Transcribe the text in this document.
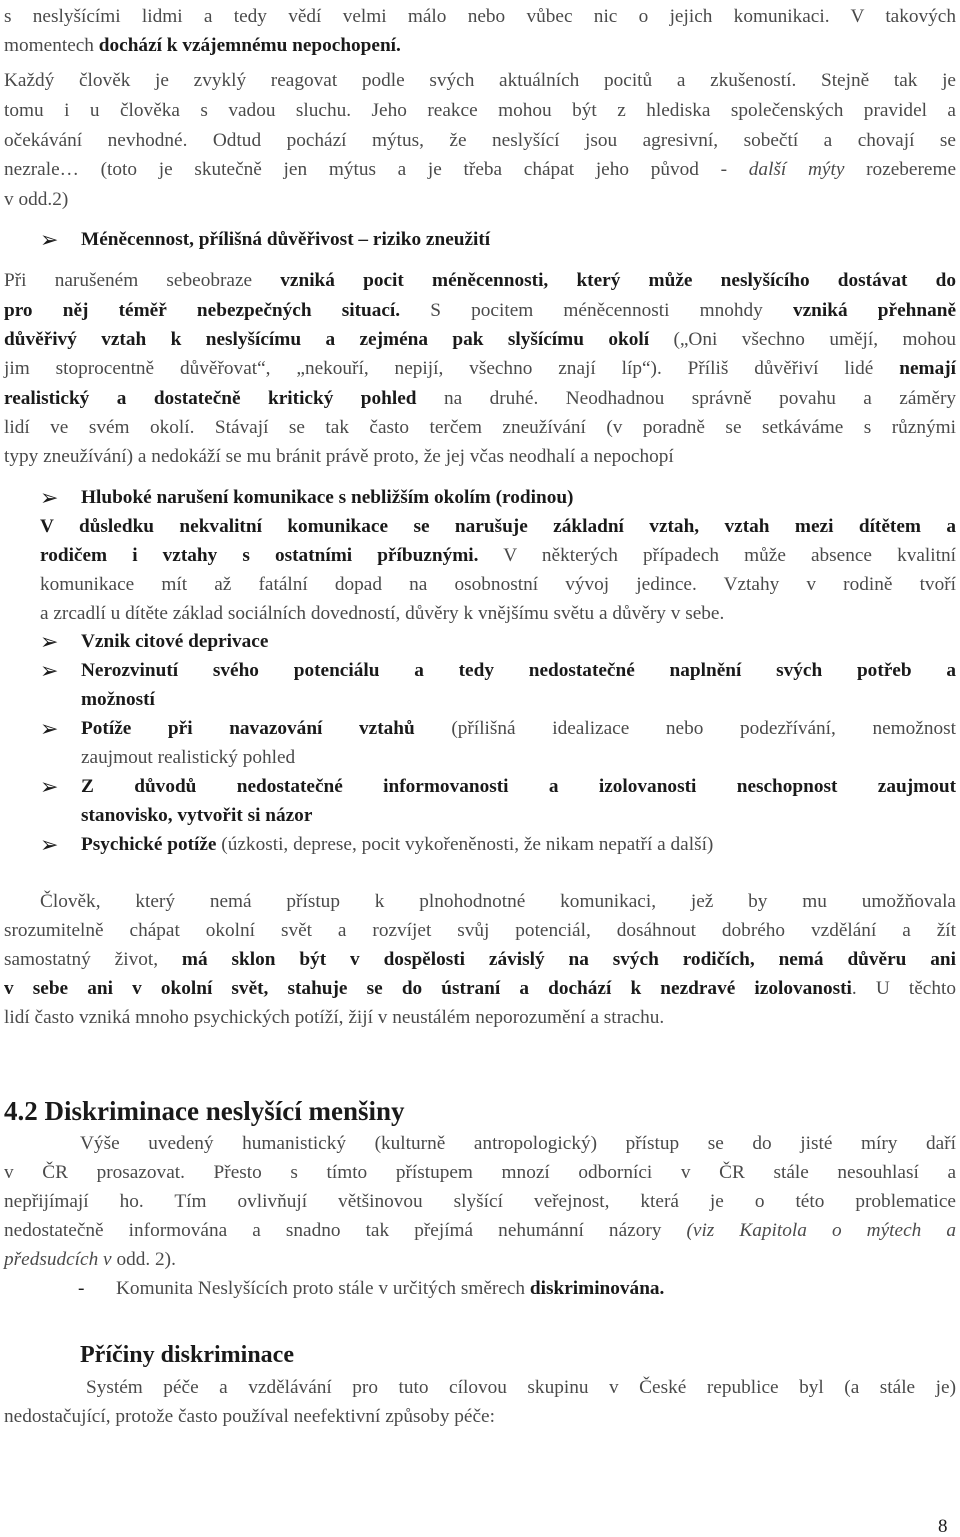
s neslyšícími lidmi a tedy vědí velmi málo nebo vůbec nic o jejich komunikaci. V takových
momentech dochází k vzájemnému nepochopení.
Každý člověk je zvyklý reagovat podle svých aktuálních pocitů a zkušeností. Stejně tak je
tomu i u člověka s vadou sluchu. Jeho reakce mohou být z hlediska společenských pravidel a
očekávání nevhodné. Odtud pochází mýtus, že neslyšící jsou agresivní, sobečtí a chovají se
nezrale… (toto je skutečně jen mýtus a je třeba chápat jeho původ - další mýty rozebereme
v odd.2)
➢	Méněcennost, přílišná důvěřivost – riziko zneužití
Při narušeném sebeobraze vzniká pocit méněcennosti, který může neslyšícího dostávat do
pro něj téměř nebezpečných situací. S pocitem méněcennosti mnohdy vzniká přehnaně
důvěřivý vztah k neslyšícímu a zejména pak slyšícímu okolí („Oni všechno umějí, mohou
jim stoprocentně důvěřovat“, „nekouří, nepijí, všechno znají líp“). Příliš důvěřiví lidé nemají
realistický a dostatečně kritický pohled na druhé. Neodhadnou správně povahu a záměry
lidí ve svém okolí. Stávají se tak často terčem zneužívání (v poradně se setkáváme s různými
typy zneužívání) a nedokáží se mu bránit právě proto, že jej včas neodhalí a nepochopí
➢	Hluboké narušení komunikace s nebližším okolím (rodinou)
V důsledku nekvalitní komunikace se narušuje základní vztah, vztah mezi dítětem a
rodičem i vztahy s ostatními příbuznými. V některých případech může absence kvalitní
komunikace mít až fatální dopad na osobnostní vývoj jedince. Vztahy v rodině tvoří
a zrcadlí u dítěte základ sociálních dovedností, důvěry k vnějšímu světu a důvěry v sebe.
➢	Vznik citové deprivace
➢	Nerozvinutí svého potenciálu a tedy nedostatečné naplnění svých potřeb a
možností
➢	Potíže při navazování vztahů (přílišná idealizace nebo podezřívání, nemožnost
zaujmout realistický pohled
➢	Z důvodů nedostatečné informovanosti a izolovanosti neschopnost zaujmout
stanovisko, vytvořit si názor
➢	Psychické potíže (úzkosti, deprese, pocit vykořeněnosti, že nikam nepatří a další)
Člověk, který nemá přístup k plnohodnotné komunikaci, jež by mu umožňovala
srozumitelně chápat okolní svět a rozvíjet svůj potenciál, dosáhnout dobrého vzdělání a žít
samostatný život, má sklon být v dospělosti závislý na svých rodičích, nemá důvěru ani
v sebe ani v okolní svět, stahuje se do ústraní a dochází k nezdravé izolovanosti. U těchto
lidí často vzniká mnoho psychických potíží, žijí v neustálém neporozumění a strachu.
4.2 Diskriminace neslyšící menšiny
Výše uvedený humanistický (kulturně antropologický) přístup se do jisté míry daří
v ČR prosazovat. Přesto s tímto přístupem mnozí odborníci v ČR stále nesouhlasí a
nepřijímají ho. Tím ovlivňují většinovou slyšící veřejnost, která je o této problematice
nedostatečně informována a snadno tak přejímá nehumánní názory (viz Kapitola o mýtech a
předsudcích v odd. 2).
- Komunita Neslyšících proto stále v určitých směrech diskriminována.
Příčiny diskriminace
Systém péče a vzdělávání pro tuto cílovou skupinu v České republice byl (a stále je)
nedostačující, protože často používal neefektivní způsoby péče:
8
